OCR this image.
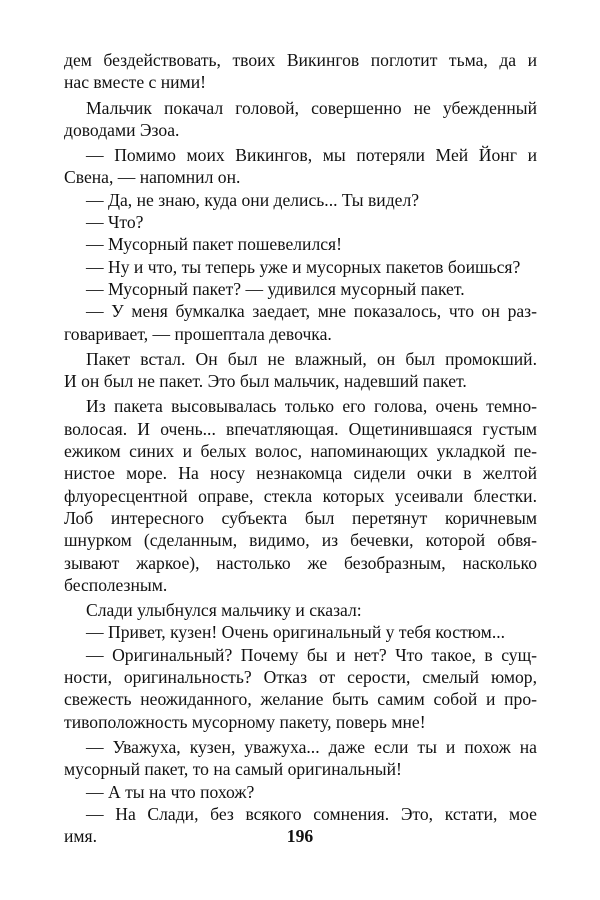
дем бездействовать, твоих Викингов поглотит тьма, да и
нас вместе с ними!
Мальчик покачал головой, совершенно не убежденный
доводами Эзоа.
— Помимо моих Викингов, мы потеряли Мей Йонг и
Свена, — напомнил он.
— Да, не знаю, куда они делись... Ты видел?
— Что?
— Мусорный пакет пошевелился!
— Ну и что, ты теперь уже и мусорных пакетов боишься?
— Мусорный пакет? — удивился мусорный пакет.
— У меня бумкалка заедает, мне показалось, что он раз-
говаривает, — прошептала девочка.
Пакет встал. Он был не влажный, он был промокший.
И он был не пакет. Это был мальчик, надевший пакет.
Из пакета высовывалась только его голова, очень темно-
волосая. И очень... впечатляющая. Ощетинившаяся густым
ежиком синих и белых волос, напоминающих укладкой пе-
нистое море. На носу незнакомца сидели очки в желтой
флуоресцентной оправе, стекла которых усеивали блестки.
Лоб интересного субъекта был перетянут коричневым
шнурком (сделанным, видимо, из бечевки, которой обвя-
зывают жаркое), настолько же безобразным, насколько
бесполезным.
Слади улыбнулся мальчику и сказал:
— Привет, кузен! Очень оригинальный у тебя костюм...
— Оригинальный? Почему бы и нет? Что такое, в сущ-
ности, оригинальность? Отказ от серости, смелый юмор,
свежесть неожиданного, желание быть самим собой и про-
тивоположность мусорному пакету, поверь мне!
— Уважуха, кузен, уважуха... даже если ты и похож на
мусорный пакет, то на самый оригинальный!
— А ты на что похож?
— На Слади, без всякого сомнения. Это, кстати, мое
имя.	196
